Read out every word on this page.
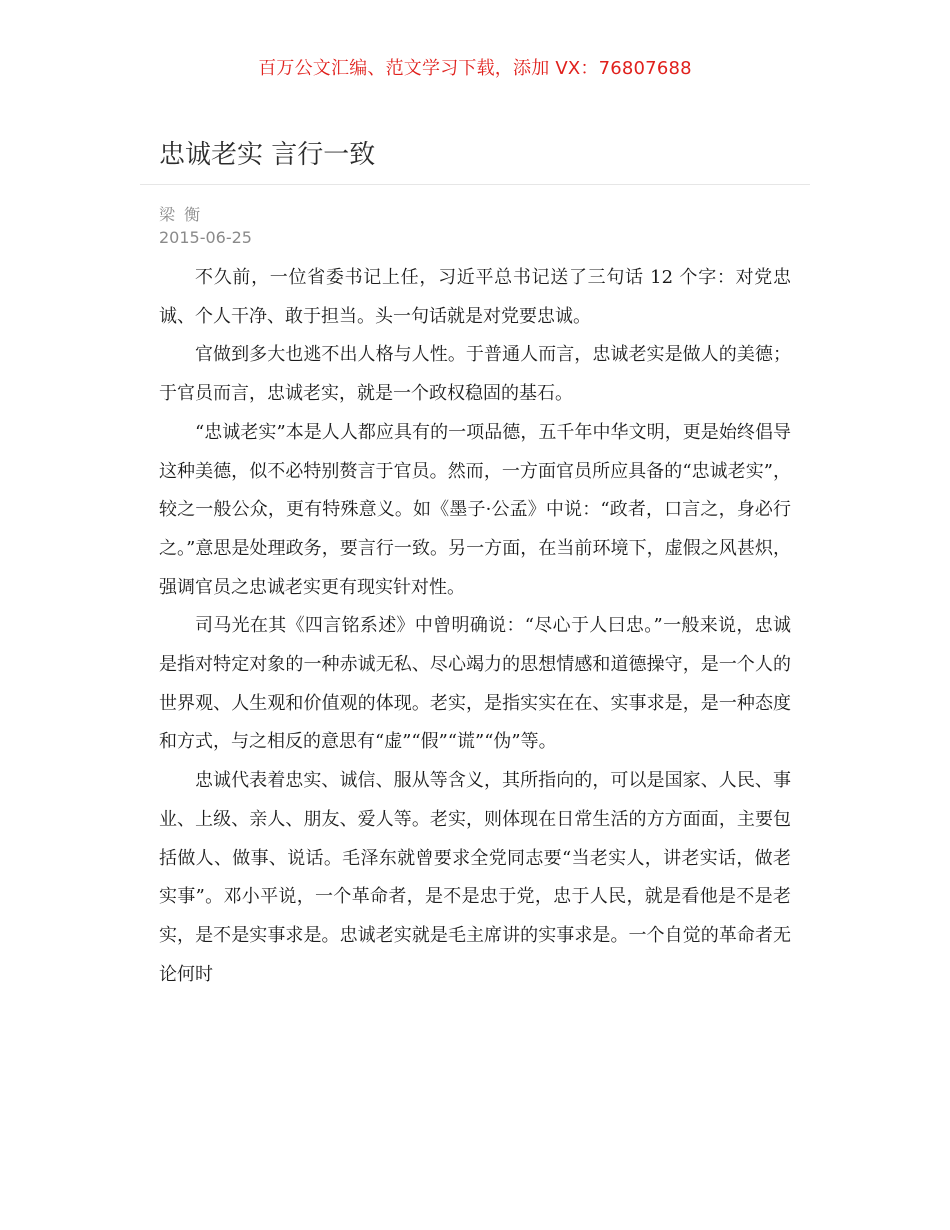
百万公文汇编、范文学习下载，添加 VX：76807688
忠诚老实 言行一致
梁 衡
2015-06-25

不久前，一位省委书记上任，习近平总书记送了三句话 12 个字：对党忠诚、个人干净、敢于担当。头一句话就是对党要忠诚。

官做到多大也逃不出人格与人性。于普通人而言，忠诚老实是做人的美德；于官员而言，忠诚老实，就是一个政权稳固的基石。

“忠诚老实”本是人人都应具有的一项品德，五千年中华文明，更是始终倡导这种美德，似不必特别赘言于官员。然而，一方面官员所应具备的“忠诚老实”，较之一般公众，更有特殊意义。如《墨子·公孟》中说：“政者，口言之，身必行之。”意思是处理政务，要言行一致。另一方面，在当前环境下，虚假之风甚炽，强调官员之忠诚老实更有现实针对性。

司马光在其《四言铭系述》中曾明确说：“尽心于人曰忠。”一般来说，忠诚是指对特定对象的一种赤诚无私、尽心竭力的思想情感和道德操守，是一个人的世界观、人生观和价值观的体现。老实，是指实实在在、实事求是，是一种态度和方式，与之相反的意思有“虚”“假”“谎”“伪”等。

忠诚代表着忠实、诚信、服从等含义，其所指向的，可以是国家、人民、事业、上级、亲人、朋友、爱人等。老实，则体现在日常生活的方方面面，主要包括做人、做事、说话。毛泽东就曾要求全党同志要“当老实人，讲老实话，做老实事”。邓小平说，一个革命者，是不是忠于党，忠于人民，就是看他是不是老实，是不是实事求是。忠诚老实就是毛主席讲的实事求是。一个自觉的革命者无论何时
